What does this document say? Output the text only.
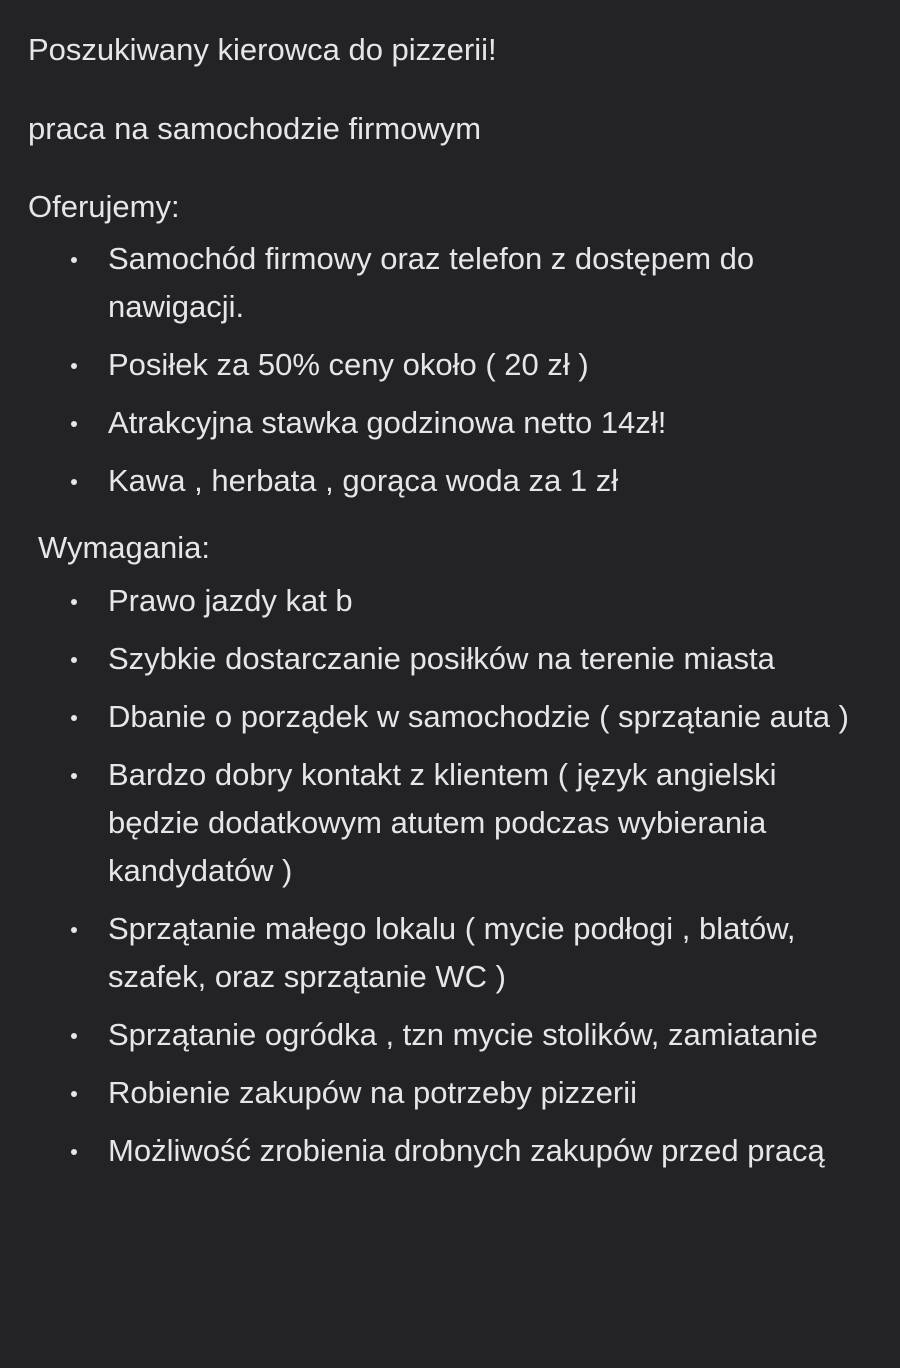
Poszukiwany kierowca do pizzerii!

praca na samochodzie firmowym

Oferujemy:

Samochód firmowy oraz telefon z dostępem do nawigacji.
Posiłek za 50% ceny około ( 20 zł )
Atrakcyjna stawka godzinowa netto 14zł!
Kawa , herbata , gorąca woda za 1 zł

Wymagania:

Prawo jazdy kat b
Szybkie dostarczanie posiłków na terenie miasta
Dbanie o porządek w samochodzie ( sprzątanie auta )
Bardzo dobry kontakt z klientem ( język angielski będzie dodatkowym atutem podczas wybierania kandydatów )
Sprzątanie małego lokalu ( mycie podłogi , blatów, szafek, oraz sprzątanie WC )
Sprzątanie ogródka , tzn mycie stolików, zamiatanie
Robienie zakupów na potrzeby pizzerii
Możliwość zrobienia drobnych zakupów przed pracą
